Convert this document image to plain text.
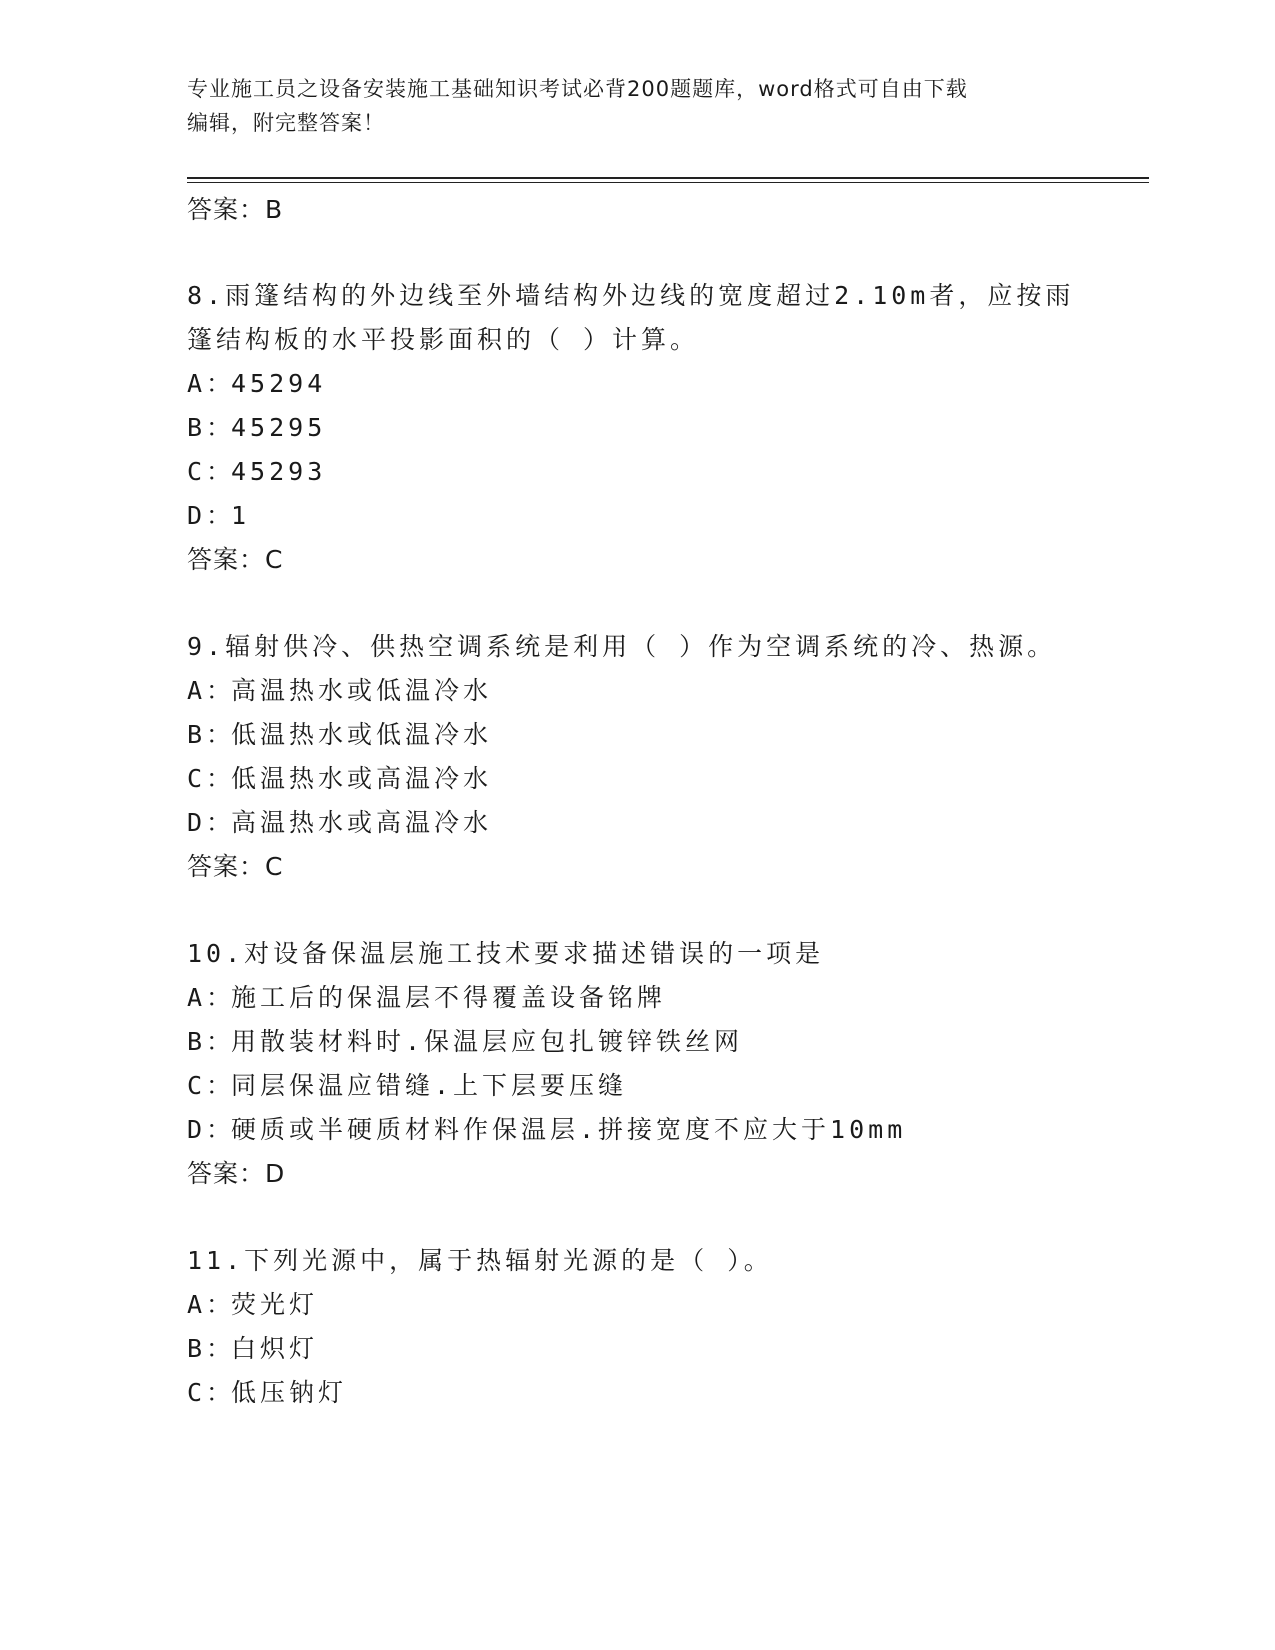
专业施工员之设备安装施工基础知识考试必背200题题库，word格式可自由下载
编辑，附完整答案！
答案：B
8.雨篷结构的外边线至外墙结构外边线的宽度超过2.10m者，应按雨
篷结构板的水平投影面积的（ ）计算。
A：45294
B：45295
C：45293
D：1
答案：C
9.辐射供冷、供热空调系统是利用（ ）作为空调系统的冷、热源。
A：高温热水或低温冷水
B：低温热水或低温冷水
C：低温热水或高温冷水
D：高温热水或高温冷水
答案：C
10.对设备保温层施工技术要求描述错误的一项是
A：施工后的保温层不得覆盖设备铭牌
B：用散装材料时.保温层应包扎镀锌铁丝网
C：同层保温应错缝.上下层要压缝
D：硬质或半硬质材料作保温层.拼接宽度不应大于10mm
答案：D
11.下列光源中，属于热辐射光源的是（ ）。
A：荧光灯
B：白炽灯
C：低压钠灯
